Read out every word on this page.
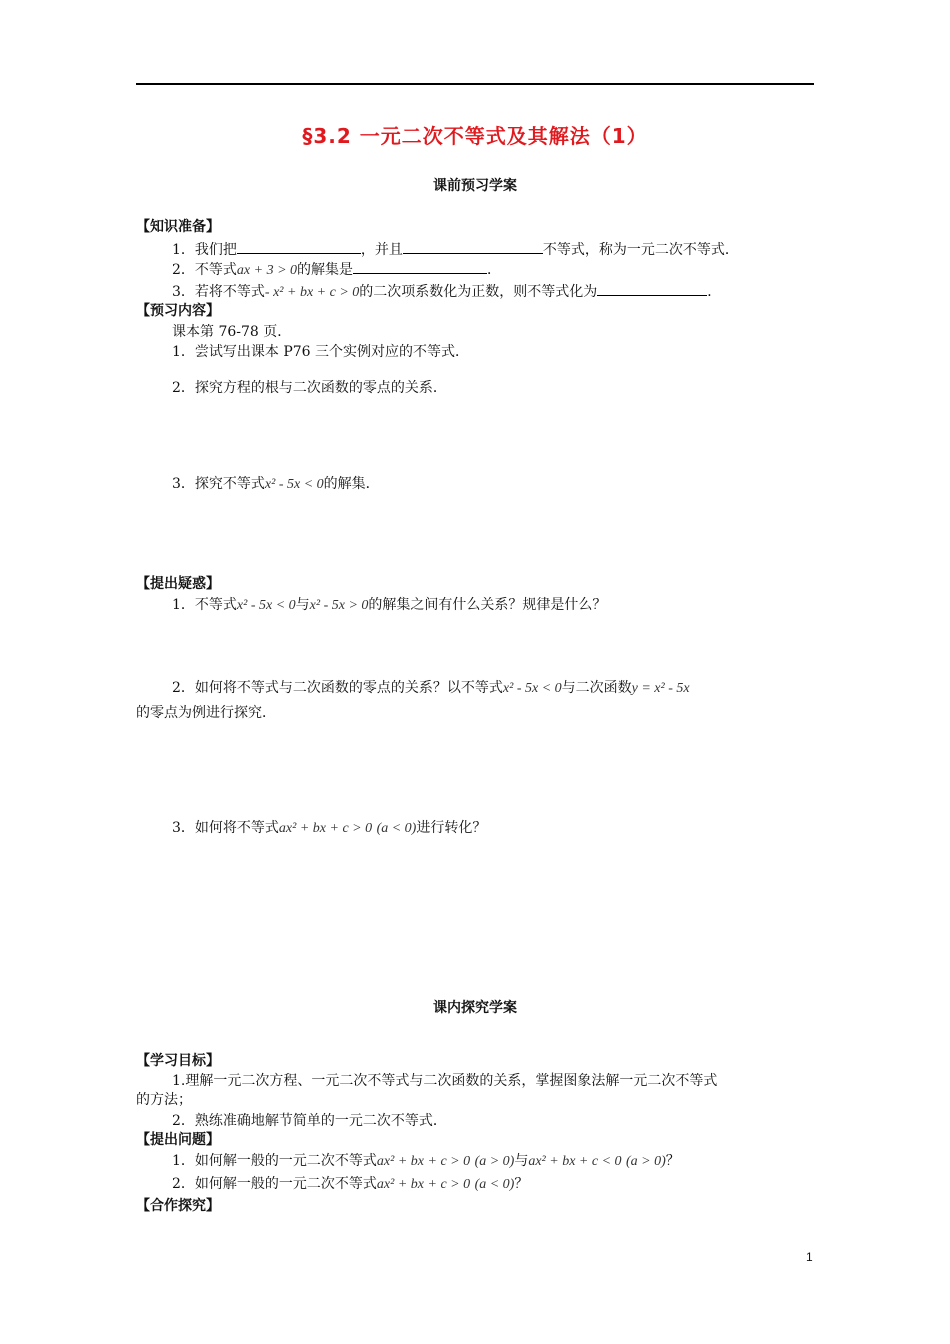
§3.2 一元二次不等式及其解法（1）
课前预习学案
【知识准备】
1．我们把	，并且	不等式，称为一元二次不等式．
2．不等式ax + 3 > 0的解集是	．
3．若将不等式- x² + bx + c > 0的二次项系数化为正数，则不等式化为	．
【预习内容】
课本第 76-78 页．
1．尝试写出课本 P76 三个实例对应的不等式．
2．探究方程的根与二次函数的零点的关系．
3．探究不等式x² - 5x < 0的解集．
【提出疑惑】
1．不等式x² - 5x < 0与x² - 5x > 0的解集之间有什么关系？规律是什么？
2．如何将不等式与二次函数的零点的关系？以不等式x² - 5x < 0与二次函数y = x² - 5x
的零点为例进行探究．
3．如何将不等式ax² + bx + c > 0 (a < 0)进行转化？
课内探究学案
【学习目标】
1.理解一元二次方程、一元二次不等式与二次函数的关系，掌握图象法解一元二次不等式
的方法；
2．熟练准确地解节简单的一元二次不等式．
【提出问题】
1．如何解一般的一元二次不等式ax² + bx + c > 0 (a > 0)与ax² + bx + c < 0 (a > 0)？
2．如何解一般的一元二次不等式ax² + bx + c > 0 (a < 0)？
【合作探究】
1
